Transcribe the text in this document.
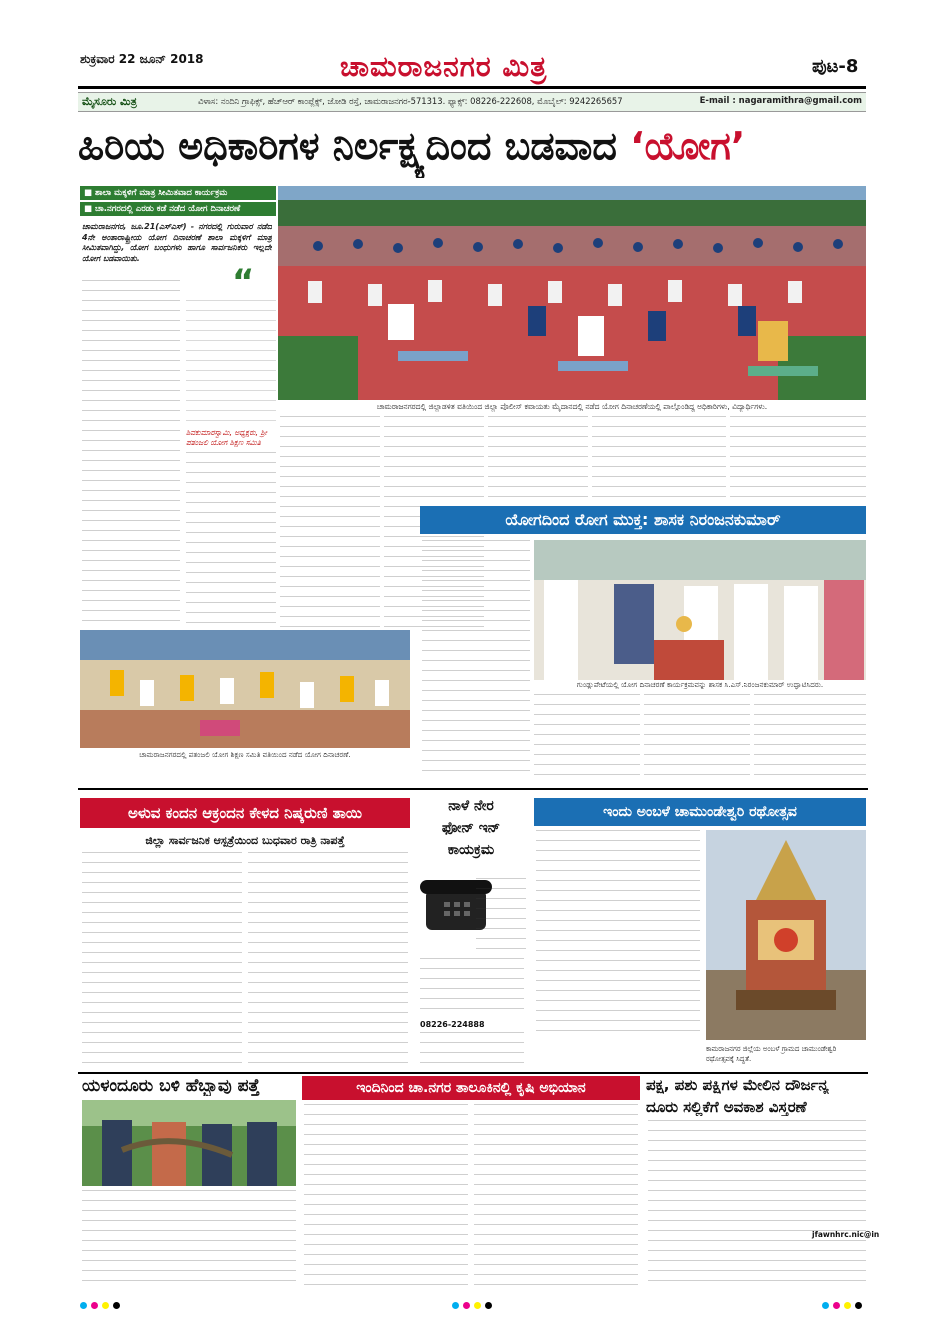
ಶುಕ್ರವಾರ 22 ಜೂನ್ 2018	ಚಾಮರಾಜನಗರ ಮಿತ್ರ	ಪುಟ-8
ಮೈಸೂರು ಮಿತ್ರ	ವಿಳಾಸ: ನಂದಿನಿ ಗ್ರಾಫಿಕ್ಸ್, ಹೆಚ್‌ಆರ್ ಕಾಂಪ್ಲೆಕ್ಸ್, ಜೋಡಿ ರಸ್ತೆ, ಚಾಮರಾಜನಗರ-571313. ಫ್ಯಾಕ್ಸ್: 08226-222608, ಮೊಬೈಲ್: 9242265657	E-mail : nagaramithra@gmail.com
ಹಿರಿಯ ಅಧಿಕಾರಿಗಳ ನಿರ್ಲಕ್ಷ್ಯದಿಂದ ಬಡವಾದ ‘ಯೋಗ’
■ ಶಾಲಾ ಮಕ್ಕಳಿಗೆ ಮಾತ್ರ ಸೀಮಿತವಾದ ಕಾರ್ಯಕ್ರಮ
■ ಚಾ.ನಗರದಲ್ಲಿ ಎರಡು ಕಡೆ ನಡೆದ ಯೋಗ ದಿನಾಚರಣೆ
ಚಾಮರಾಜನಗರ, ಜೂ.21(ಎಸ್‌ಎಸ್) - ನಗರದಲ್ಲಿ ಗುರುವಾರ ನಡೆದ 4ನೇ ಅಂತಾರಾಷ್ಟ್ರೀಯ ಯೋಗ ದಿನಾಚರಣೆ ಶಾಲಾ ಮಕ್ಕಳಿಗೆ ಮಾತ್ರ ಸೀಮಿತವಾಗಿದ್ದು, ಯೋಗ ಬಂಧುಗಳು ಹಾಗೂ ಸಾರ್ವಜನಿಕರು ಇಲ್ಲದೇ ಯೋಗ ಬಡವಾಯಿತು.
“
ಶಿವಕುಮಾರಸ್ವಾಮಿ, ಅಧ್ಯಕ್ಷರು, ಶ್ರೀ ಪತಂಜಲಿ ಯೋಗ ಶಿಕ್ಷಣ ಸಮಿತಿ
ಚಾಮರಾಜನಗರದಲ್ಲಿ ಜಿಲ್ಲಾಡಳಿತ ವತಿಯಿಂದ ಜಿಲ್ಲಾ ಪೊಲೀಸ್ ಕವಾಯತು ಮೈದಾನದಲ್ಲಿ ನಡೆದ ಯೋಗ ದಿನಾಚರಣೆಯಲ್ಲಿ ಪಾಲ್ಗೊಂಡಿದ್ದ ಅಧಿಕಾರಿಗಳು, ವಿದ್ಯಾರ್ಥಿಗಳು.
ಯೋಗದಿಂದ ರೋಗ ಮುಕ್ತ: ಶಾಸಕ ನಿರಂಜನಕುಮಾರ್
ಚಾಮರಾಜನಗರದಲ್ಲಿ ಪತಂಜಲಿ ಯೋಗ ಶಿಕ್ಷಣ ಸಮಿತಿ ವತಿಯಿಂದ ನಡೆದ ಯೋಗ ದಿನಾಚರಣೆ.
ಗುಂಡ್ಲುಪೇಟೆಯಲ್ಲಿ ಯೋಗ ದಿನಾಚರಣೆ ಕಾರ್ಯಕ್ರಮವನ್ನು ಶಾಸಕ ಸಿ.ಎಸ್.ನಿರಂಜನಕುಮಾರ್ ಉದ್ಘಾಟಿಸಿದರು.
ಅಳುವ ಕಂದನ ಆಕ್ರಂದನ ಕೇಳದ ನಿಷ್ಕರುಣಿ ತಾಯಿ
ಜಿಲ್ಲಾ ಸಾರ್ವಜನಿಕ ಆಸ್ಪತ್ರೆಯಿಂದ ಬುಧವಾರ ರಾತ್ರಿ ನಾಪತ್ತೆ
ನಾಳೆ ನೇರ
ಫೋನ್ ಇನ್
ಕಾಯಕ್ರಮ
08226-224888
ಇಂದು ಅಂಬಳೆ ಚಾಮುಂಡೇಶ್ವರಿ ರಥೋತ್ಸವ
ಕಾಮರಾಜನಗರ ಜಿಲ್ಲೆಯ ಅಂಬಳೆ ಗ್ರಾಮದ ಚಾಮುಂಡೇಶ್ವರಿ ರಥೋತ್ಸವಕ್ಕೆ ಸಿದ್ಧತೆ.
ಯಳಂದೂರು ಬಳಿ ಹೆಬ್ಬಾವು ಪತ್ತೆ	ಇಂದಿನಿಂದ ಚಾ.ನಗರ ತಾಲೂಕಿನಲ್ಲಿ ಕೃಷಿ ಅಭಿಯಾನ	ಪಕ್ಷ, ಪಶು ಪಕ್ಷಿಗಳ ಮೇಲಿನ ದೌರ್ಜನ್ಯ
ದೂರು ಸಲ್ಲಿಕೆಗೆ ಅವಕಾಶ ವಿಸ್ತರಣೆ
jfawnhrc.nic@in
